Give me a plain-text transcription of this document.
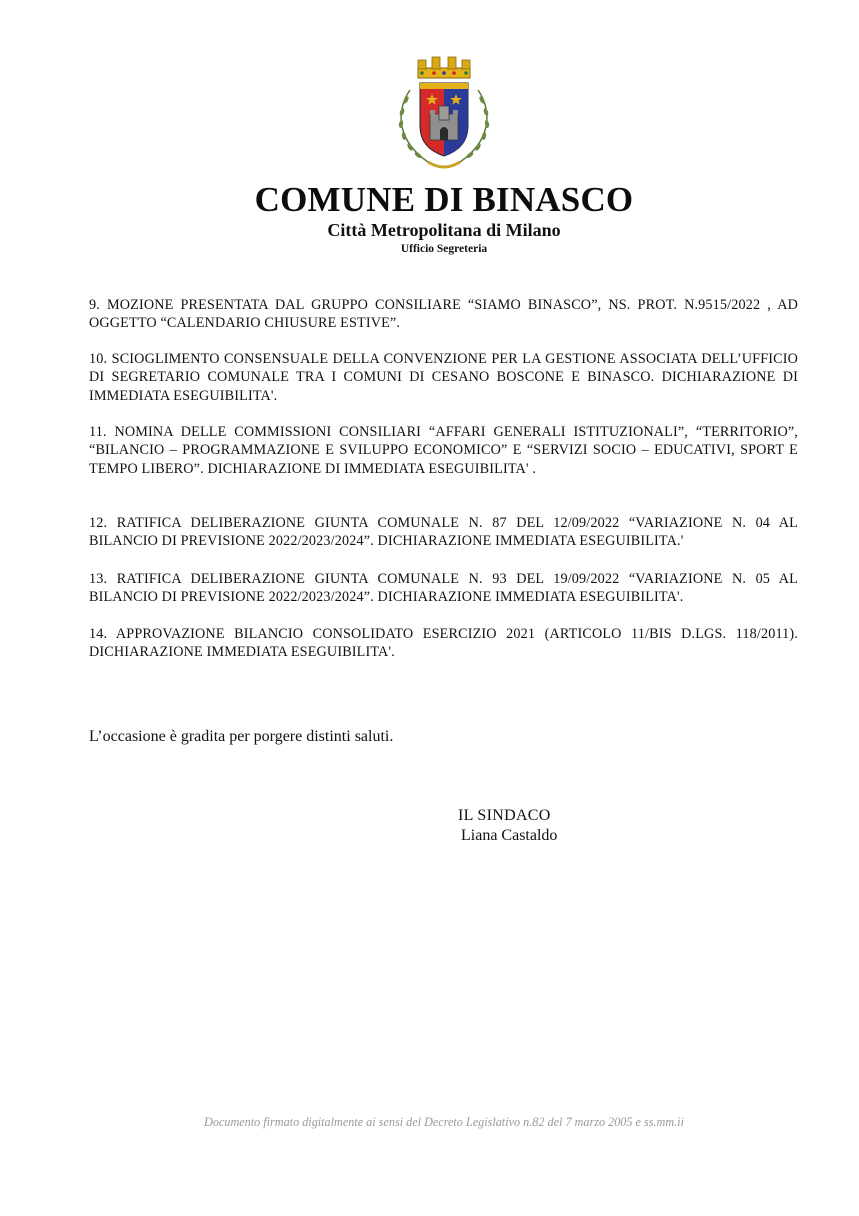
COMUNE DI BINASCO
Città Metropolitana di Milano
Ufficio Segreteria

9. MOZIONE PRESENTATA DAL GRUPPO CONSILIARE “SIAMO BINASCO”, NS. PROT. N.9515/2022 , AD OGGETTO “CALENDARIO CHIUSURE ESTIVE”.

10. SCIOGLIMENTO CONSENSUALE DELLA CONVENZIONE PER LA GESTIONE ASSOCIATA DELL’UFFICIO DI SEGRETARIO COMUNALE TRA I COMUNI DI CESANO BOSCONE E BINASCO. DICHIARAZIONE DI IMMEDIATA ESEGUIBILITA'.

11. NOMINA DELLE COMMISSIONI CONSILIARI “AFFARI GENERALI ISTITUZIONALI”, “TERRITORIO”, “BILANCIO – PROGRAMMAZIONE E SVILUPPO ECONOMICO” E “SERVIZI SOCIO – EDUCATIVI, SPORT E TEMPO LIBERO”. DICHIARAZIONE DI IMMEDIATA ESEGUIBILITA' .

12. RATIFICA DELIBERAZIONE GIUNTA COMUNALE N. 87 DEL 12/09/2022 “VARIAZIONE N. 04 AL BILANCIO DI PREVISIONE 2022/2023/2024”. DICHIARAZIONE IMMEDIATA ESEGUIBILITA.'

13. RATIFICA DELIBERAZIONE GIUNTA COMUNALE N. 93 DEL 19/09/2022 “VARIAZIONE N. 05 AL BILANCIO DI PREVISIONE 2022/2023/2024”. DICHIARAZIONE IMMEDIATA ESEGUIBILITA'.

14. APPROVAZIONE BILANCIO CONSOLIDATO ESERCIZIO 2021 (ARTICOLO 11/BIS D.LGS. 118/2011). DICHIARAZIONE IMMEDIATA ESEGUIBILITA'.

L’occasione è gradita per porgere distinti saluti.
IL SINDACO
Liana Castaldo
Documento firmato digitalmente ai sensi del Decreto Legislativo n.82 del 7 marzo 2005 e ss.mm.ii
